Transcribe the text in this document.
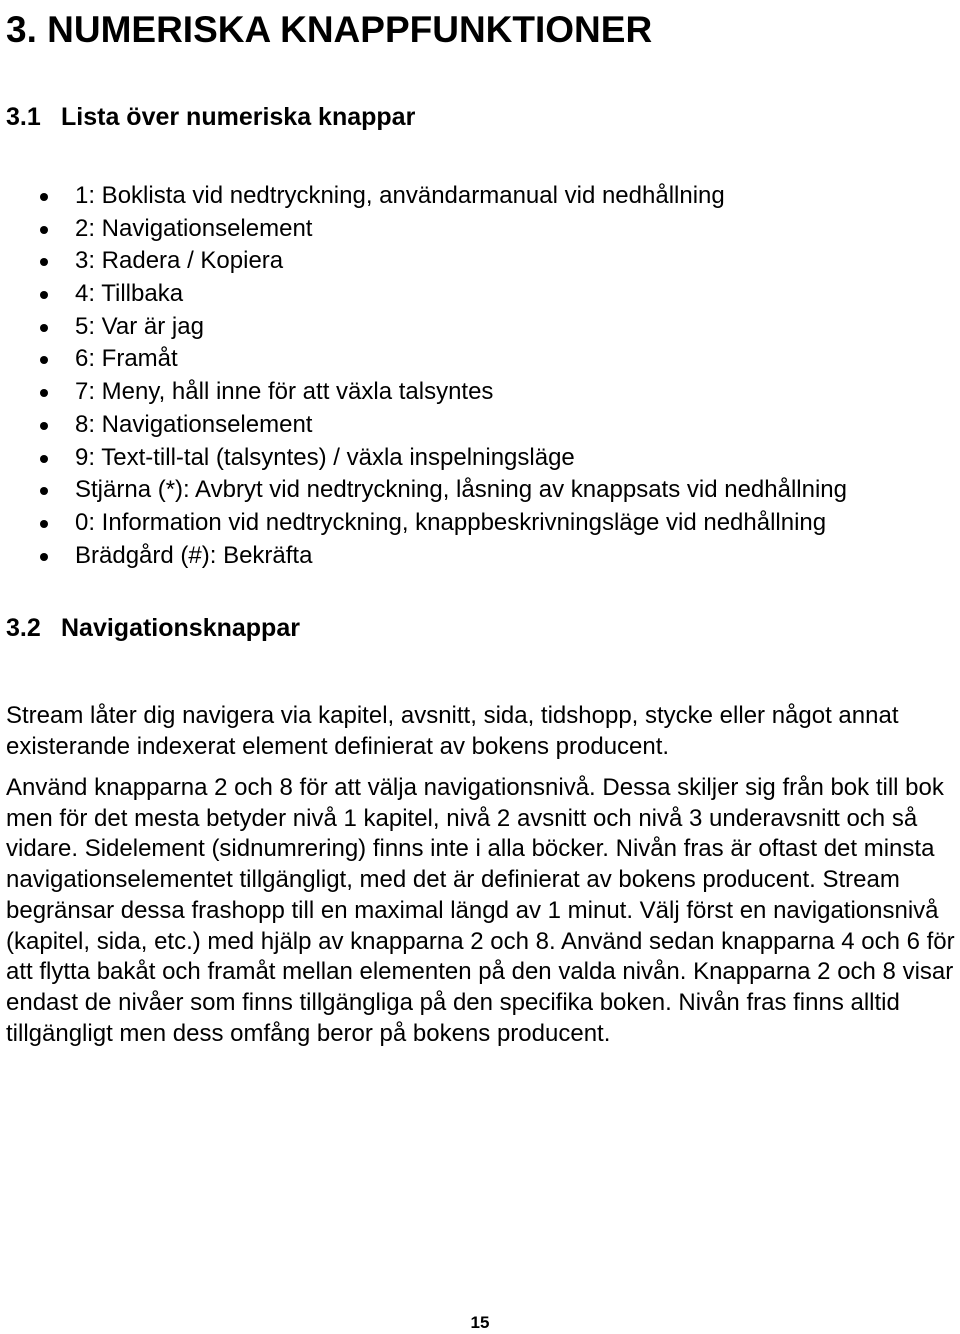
3. NUMERISKA KNAPPFUNKTIONER
3.1 Lista över numeriska knappar
1: Boklista vid nedtryckning, användarmanual vid nedhållning
2: Navigationselement
3: Radera / Kopiera
4: Tillbaka
5: Var är jag
6: Framåt
7: Meny, håll inne för att växla talsyntes
8: Navigationselement
9: Text-till-tal (talsyntes) / växla inspelningsläge
Stjärna (*): Avbryt vid nedtryckning, låsning av knappsats vid nedhållning
0: Information vid nedtryckning, knappbeskrivningsläge vid nedhållning
Brädgård (#): Bekräfta
3.2 Navigationsknappar

Stream låter dig navigera via kapitel, avsnitt, sida, tidshopp, stycke eller något annat existerande indexerat element definierat av bokens producent.

Använd knapparna 2 och 8 för att välja navigationsnivå. Dessa skiljer sig från bok till bok men för det mesta betyder nivå 1 kapitel, nivå 2 avsnitt och nivå 3 underavsnitt och så vidare. Sidelement (sidnumrering) finns inte i alla böcker. Nivån fras är oftast det minsta navigationselementet tillgängligt, med det är definierat av bokens producent. Stream begränsar dessa frashopp till en maximal längd av 1 minut. Välj först en navigationsnivå (kapitel, sida, etc.) med hjälp av knapparna 2 och 8. Använd sedan knapparna 4 och 6 för att flytta bakåt och framåt mellan elementen på den valda nivån. Knapparna 2 och 8 visar endast de nivåer som finns tillgängliga på den specifika boken. Nivån fras finns alltid tillgängligt men dess omfång beror på bokens producent.

15
